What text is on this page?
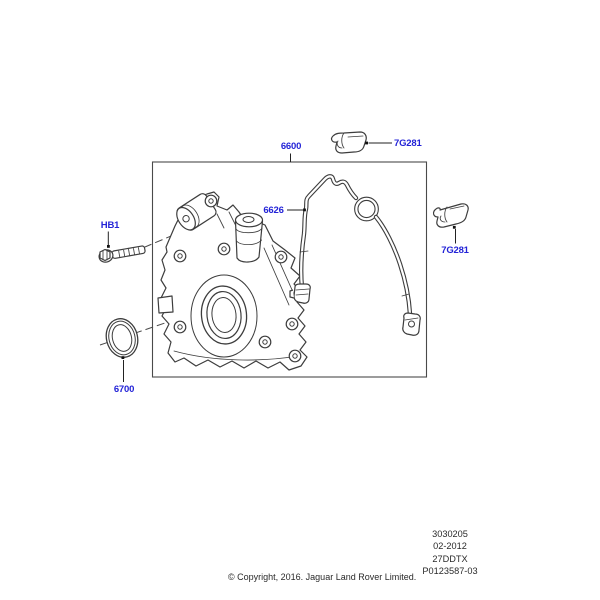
6600	7G281
7G281
6626
HB1
6700
3030205
02-2012
27DDTX
P0123587-03
© Copyright, 2016. Jaguar Land Rover Limited.
